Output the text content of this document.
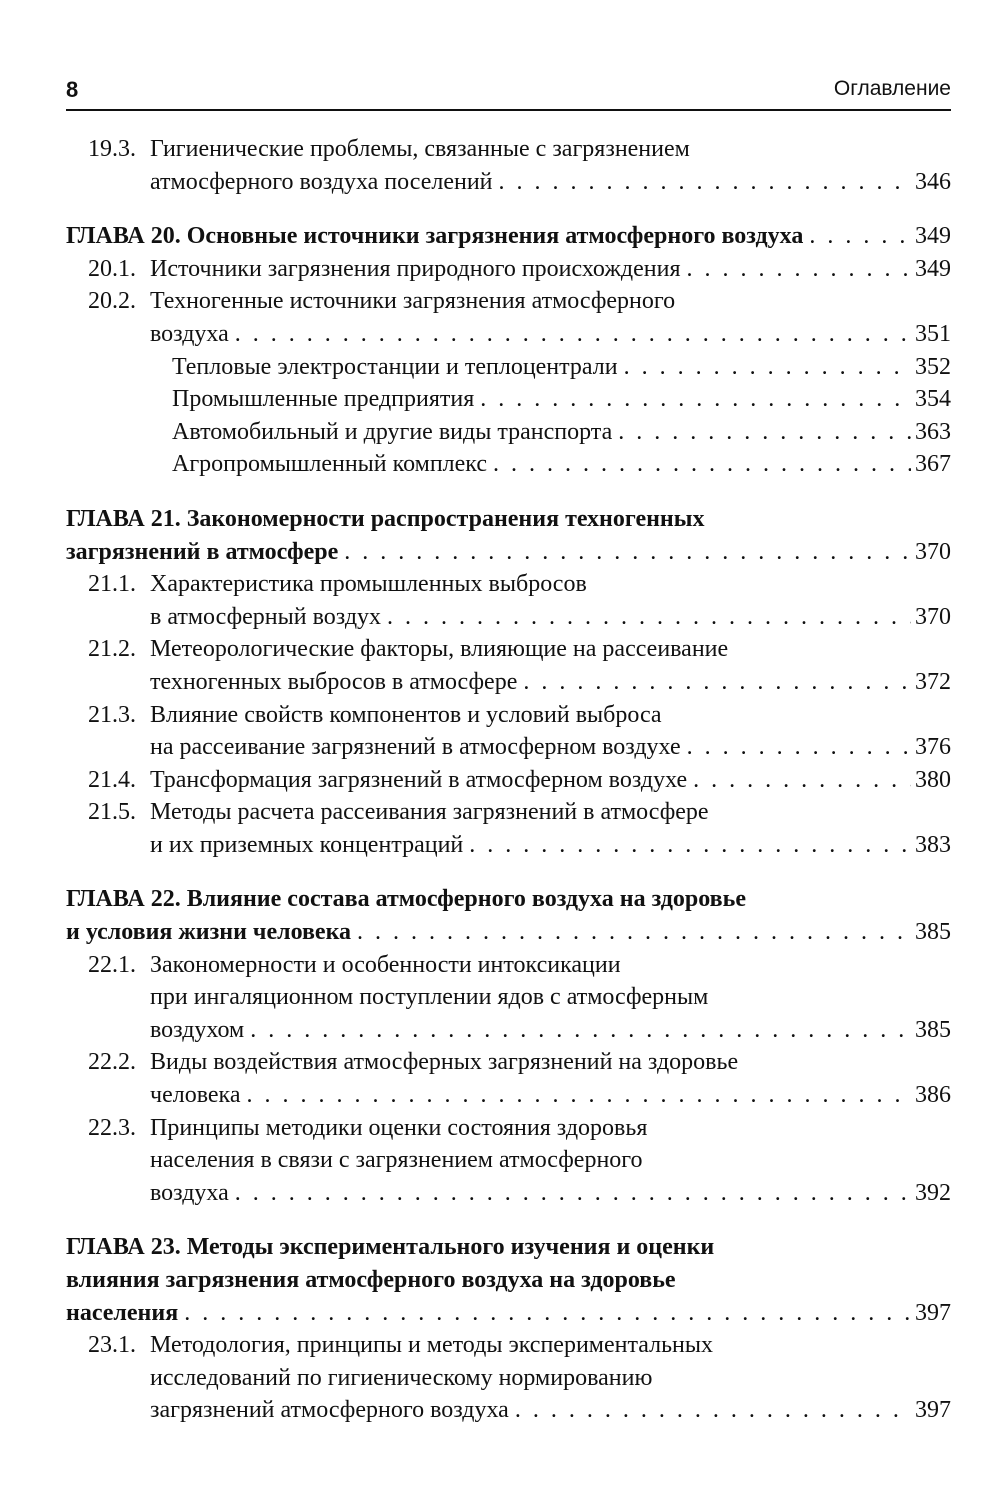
8	Оглавление
19.3. Гигиенические проблемы, связанные с загрязнением
атмосферного воздуха поселений . . .	346
ГЛАВА 20. Основные источники загрязнения атмосферного воздуха . . .	349
20.1. Источники загрязнения природного происхождения . . .	349
20.2. Техногенные источники загрязнения атмосферного
воздуха . . .	351
Тепловые электростанции и теплоцентрали . . .	352
Промышленные предприятия . . .	354
Автомобильный и другие виды транспорта . . .	363
Агропромышленный комплекс . . .	367
ГЛАВА 21. Закономерности распространения техногенных
загрязнений в атмосфере . . .	370
21.1. Характеристика промышленных выбросов
в атмосферный воздух . . .	370
21.2. Метеорологические факторы, влияющие на рассеивание
техногенных выбросов в атмосфере . . .	372
21.3. Влияние свойств компонентов и условий выброса
на рассеивание загрязнений в атмосферном воздухе . . .	376
21.4. Трансформация загрязнений в атмосферном воздухе . . .	380
21.5. Методы расчета рассеивания загрязнений в атмосфере
и их приземных концентраций . . .	383
ГЛАВА 22. Влияние состава атмосферного воздуха на здоровье
и условия жизни человека . . .	385
22.1. Закономерности и особенности интоксикации
при ингаляционном поступлении ядов с атмосферным
воздухом . . .	385
22.2. Виды воздействия атмосферных загрязнений на здоровье
человека . . .	386
22.3. Принципы методики оценки состояния здоровья
населения в связи с загрязнением атмосферного
воздуха . . .	392
ГЛАВА 23. Методы экспериментального изучения и оценки
влияния загрязнения атмосферного воздуха на здоровье
населения . . .	397
23.1. Методология, принципы и методы экспериментальных
исследований по гигиеническому нормированию
загрязнений атмосферного воздуха . . .	397
